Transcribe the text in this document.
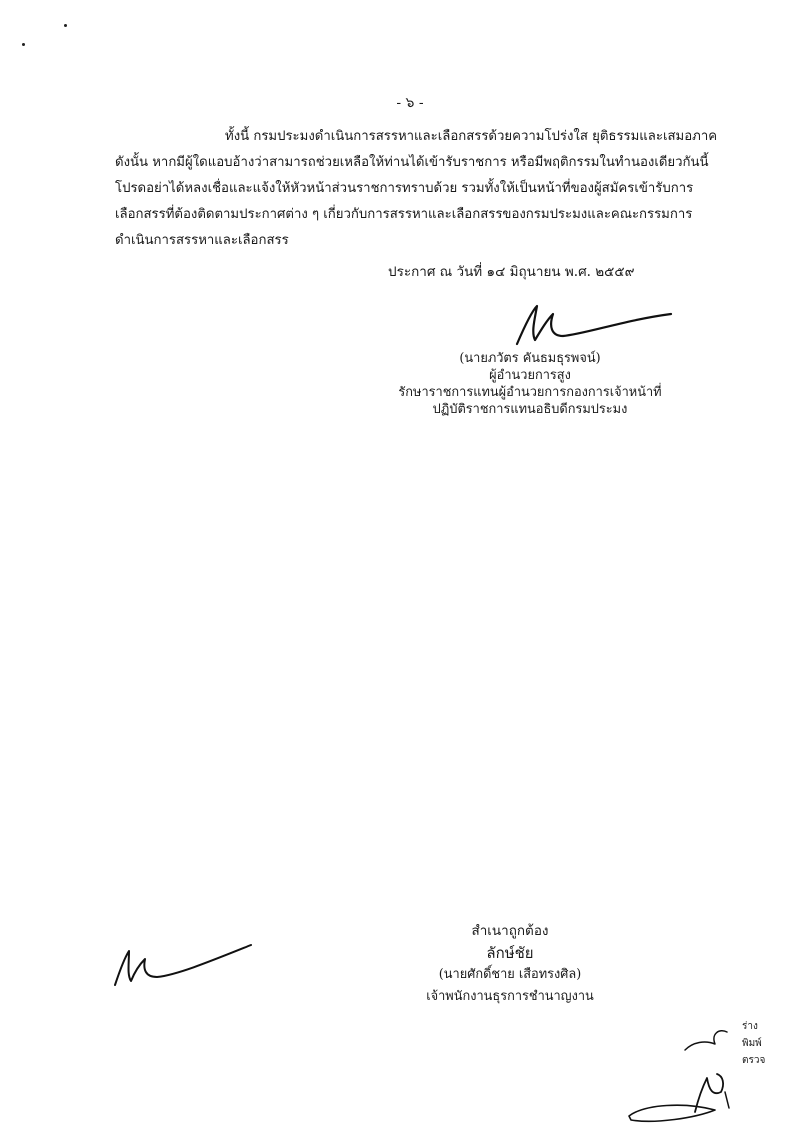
- ๖ -

ทั้งนี้ กรมประมงดำเนินการสรรหาและเลือกสรรด้วยความโปร่งใส ยุติธรรมและเสมอภาค

ดังนั้น หากมีผู้ใดแอบอ้างว่าสามารถช่วยเหลือให้ท่านได้เข้ารับราชการ หรือมีพฤติกรรมในทำนองเดียวกันนี้

โปรดอย่าได้หลงเชื่อและแจ้งให้หัวหน้าส่วนราชการทราบด้วย รวมทั้งให้เป็นหน้าที่ของผู้สมัครเข้ารับการ

เลือกสรรที่ต้องติดตามประกาศต่าง ๆ เกี่ยวกับการสรรหาและเลือกสรรของกรมประมงและคณะกรรมการ

ดำเนินการสรรหาและเลือกสรร

ประกาศ ณ วันที่ ๑๔ มิถุนายน พ.ศ. ๒๕๕๙
(นายภวัตร คันธมธุรพจน์)
ผู้อำนวยการสูง
รักษาราชการแทนผู้อำนวยการกองการเจ้าหน้าที่
ปฏิบัติราชการแทนอธิบดีกรมประมง
สำเนาถูกต้อง
ลักษ์ชัย
(นายศักดิ์ชาย เสือทรงศิล)
เจ้าพนักงานธุรการชำนาญงาน
ร่าง
พิมพ์
ตรวจ
